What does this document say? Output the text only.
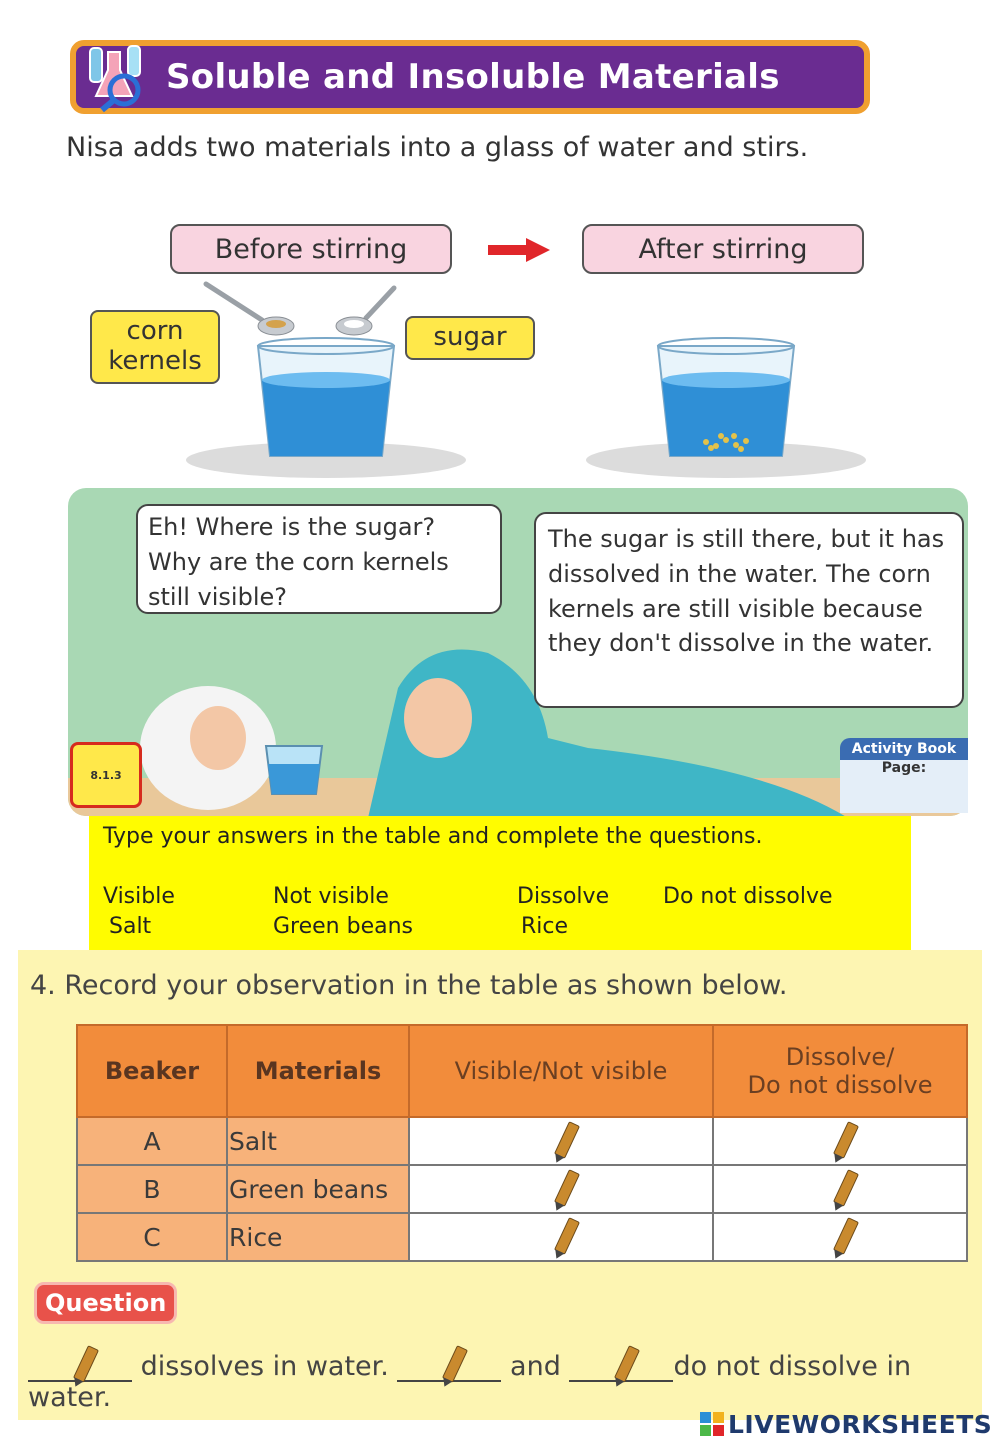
Soluble and Insoluble Materials
Nisa adds two materials into a glass of water and stirs.
Before stirring	After stirring
corn kernels
sugar
Eh! Where is the sugar? Why are the corn kernels still visible?
The sugar is still there, but it has dissolved in the water. The corn kernels are still visible because they don't dissolve in the water.
8.1.3
Activity Book
Page:
Type your answers in the table and complete the questions.
Visible	Not visible	Dissolve Do not dissolve
Salt	Green beans	Rice
4. Record your observation in the table as shown below.
Beaker	Materials	Visible/Not visible	Dissolve/
Do not dissolve

A	Salt	

B	Green beans	

C	Rice	

Question
dissolves in water.	and	do not dissolve in water.
LIVEWORKSHEETS
